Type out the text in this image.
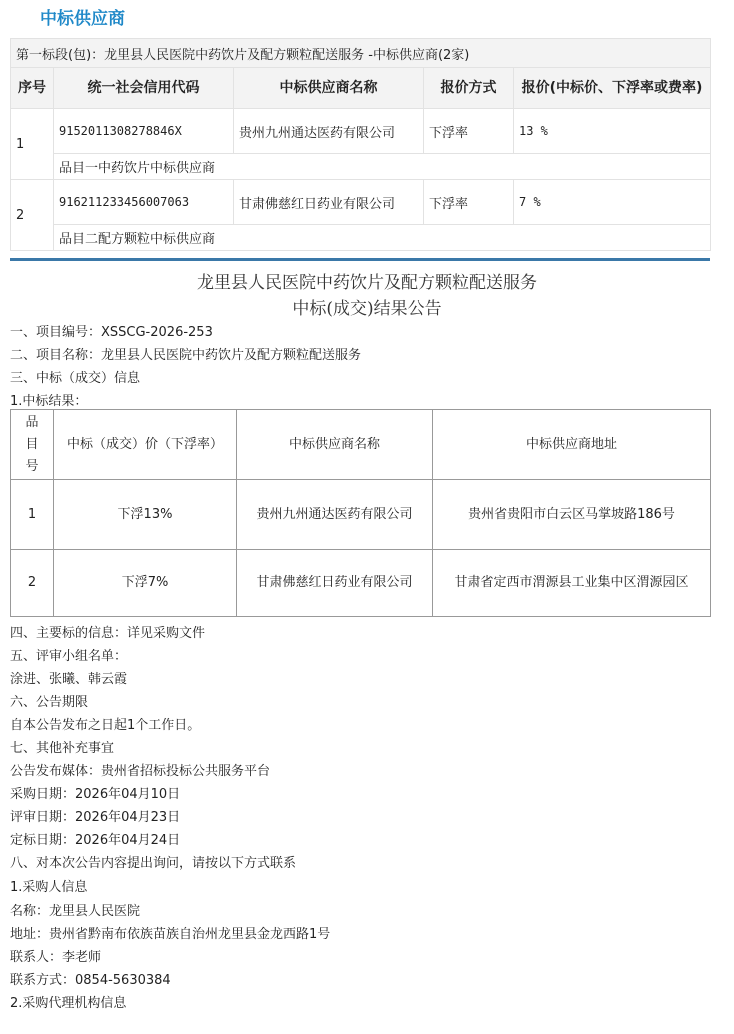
中标供应商
第一标段(包)：龙里县人民医院中药饮片及配方颗粒配送服务 -中标供应商(2家)				
序号	统一社会信用代码	中标供应商名称	报价方式	报价(中标价、下浮率或费率)
1	9152011308278846X	贵州九州通达医药有限公司	下浮率	13 %
	品目一中药饮片中标供应商			
2	916211233456007063	甘肃佛慈红日药业有限公司	下浮率	7 %
	品目二配方颗粒中标供应商			
龙里县人民医院中药饮片及配方颗粒配送服务
中标(成交)结果公告
一、项目编号：XSSCG-2026-253
二、项目名称：龙里县人民医院中药饮片及配方颗粒配送服务
三、中标（成交）信息
1.中标结果：
品目号	中标（成交）价（下浮率）	中标供应商名称	中标供应商地址
1	下浮13%	贵州九州通达医药有限公司	贵州省贵阳市白云区马掌坡路186号
2	下浮7%	甘肃佛慈红日药业有限公司	甘肃省定西市渭源县工业集中区渭源园区
四、主要标的信息：详见采购文件
五、评审小组名单：
涂进、张曦、韩云霞
六、公告期限
自本公告发布之日起1个工作日。
七、其他补充事宜
公告发布媒体：贵州省招标投标公共服务平台
采购日期：2026年04月10日
评审日期：2026年04月23日
定标日期：2026年04月24日
八、对本次公告内容提出询问，请按以下方式联系
1.采购人信息
名称：龙里县人民医院
地址：贵州省黔南布依族苗族自治州龙里县金龙西路1号
联系人：李老师
联系方式：0854-5630384
2.采购代理机构信息
